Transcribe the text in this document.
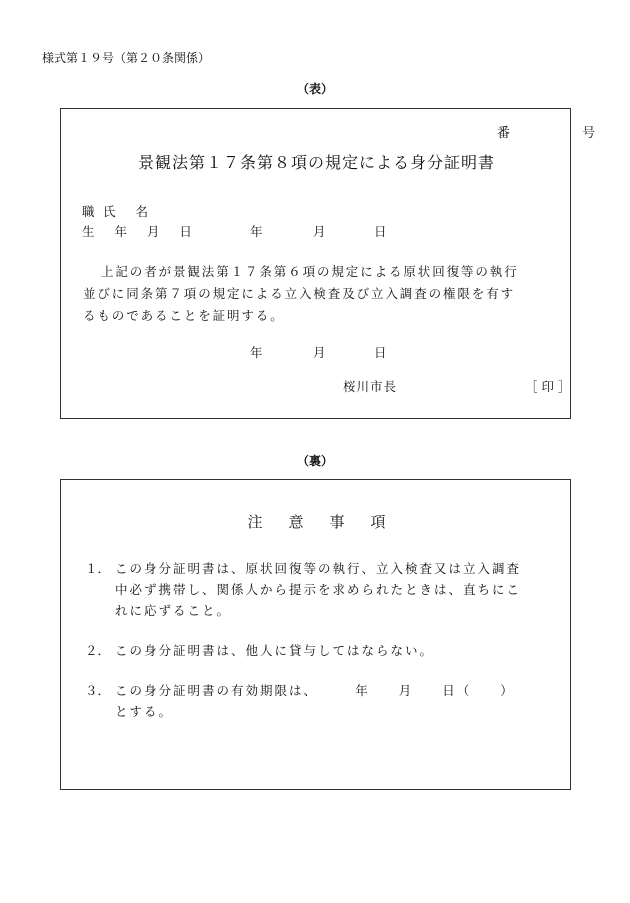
様式第１９号（第２０条関係）
（表）
番 号
景観法第１７条第８項の規定による身分証明書
職 氏 名
生 年 月 日	年	月	日
上記の者が景観法第１７条第６項の規定による原状回復等の執行
並びに同条第７項の規定による立入検査及び立入調査の権限を有す
るものであることを証明する。
年	月	日
桜川市長	［印］
（裏）
注意事項
１． この身分証明書は、原状回復等の執行、立入検査又は立入調査
中必ず携帯し、関係人から提示を求められたときは、直ちにこ
れに応ずること。
２． この身分証明書は、他人に貸与してはならない。
３． この身分証明書の有効期限は、　　　年　　月　　日（　　）
とする。
